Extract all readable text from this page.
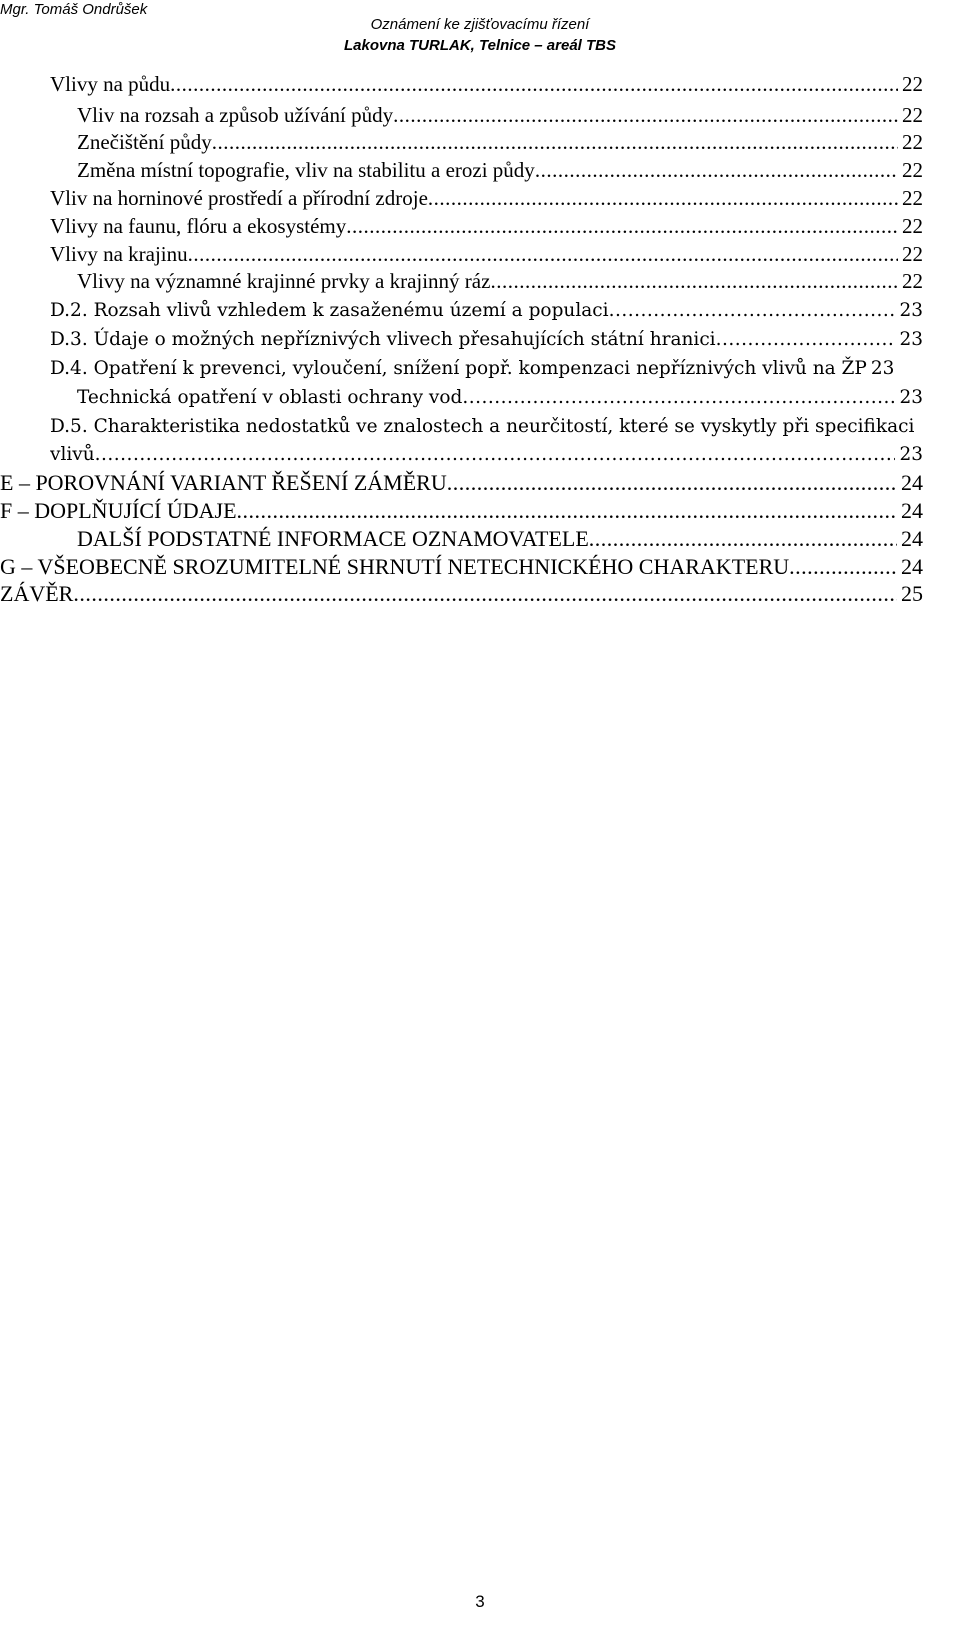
Mgr. Tomáš Ondrůšek
Oznámení ke zjišťovacímu řízení
Lakovna TURLAK, Telnice – areál TBS
Vlivy na půdu .....	22
Vliv na rozsah a způsob užívání půdy .....	22
Znečištění půdy .....	22
Změna místní topografie, vliv na stabilitu a erozi půdy .....	22
Vliv na horninové prostředí a přírodní zdroje .....	22
Vlivy na faunu, flóru a ekosystémy .....	22
Vlivy na krajinu .....	22
Vlivy na významné krajinné prvky a krajinný ráz .....	22
D.2. Rozsah vlivů vzhledem k zasaženému území a populaci .....	23
D.3. Údaje o možných nepříznivých vlivech přesahujících státní hranici .....	23
D.4. Opatření k prevenci, vyloučení, snížení popř. kompenzaci nepříznivých vlivů na ŽP 23
Technická opatření v oblasti ochrany vod .....	23
D.5. Charakteristika nedostatků ve znalostech a neurčitostí, které se vyskytly při specifikaci
vlivů .....	23
E – POROVNÁNÍ VARIANT ŘEŠENÍ ZÁMĚRU .....	24
F – DOPLŇUJÍCÍ ÚDAJE .....	24
DALŠÍ PODSTATNÉ INFORMACE OZNAMOVATELE .....	24
G – VŠEOBECNĚ SROZUMITELNÉ SHRNUTÍ NETECHNICKÉHO CHARAKTERU .....	24
ZÁVĚR .....	25
3
